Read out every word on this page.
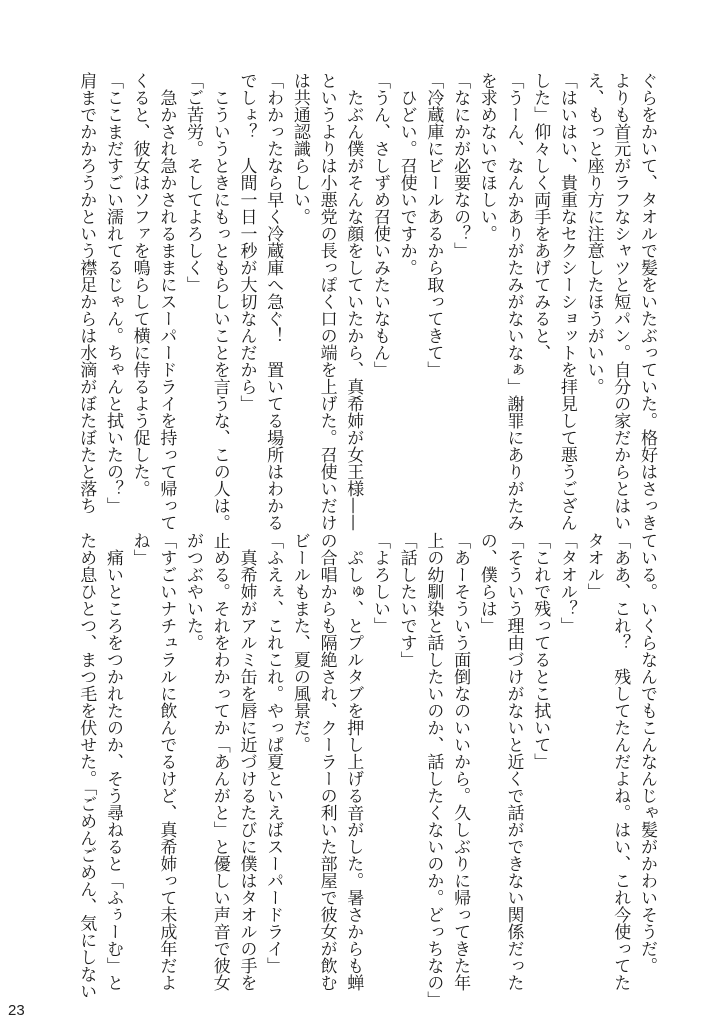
ぐらをかいて、タオルで髪をいたぶっていた。格好はさっき
よりも首元がラフなシャツと短パン。自分の家だからとはい
え、もっと座り方に注意したほうがいい。
「はいはい、貴重なセクシーショットを拝見して悪うござん
した」仰々しく両手をあげてみると、
「うーん、なんかありがたみがないなぁ」謝罪にありがたみ
を求めないでほしい。
「なにかが必要なの？」
「冷蔵庫にビールあるから取ってきて」
　ひどい。召使いですか。
「うん、さしずめ召使いみたいなもん」
　たぶん僕がそんな顔をしていたから、真希姉が女王様——
というよりは小悪党の長っぽく口の端を上げた。召使いだけ
は共通認識らしい。
「わかったなら早く冷蔵庫へ急ぐ！　置いてる場所はわかる
でしょ？　人間一日一秒が大切なんだから」
　こういうときにもっともらしいことを言うな、この人は。
「ご苦労。そしてよろしく」
　急かされ急かされるままにスーパードライを持って帰って
くると、彼女はソファを鳴らして横に侍るよう促した。
「ここまだすごい濡れてるじゃん。ちゃんと拭いたの？」
肩までかかろうかという襟足からは水滴がぼたぼたと落ち
ている。いくらなんでもこんなんじゃ髪がかわいそうだ。
「ああ、これ？　残してたんだよね。はい、これ今使ってた
タオル」
「タオル？」
「これで残ってるとこ拭いて」
「そういう理由づけがないと近くで話ができない関係だった
の、僕らは」
「あーそういう面倒なのいいから。久しぶりに帰ってきた年
上の幼馴染と話したいのか、話したくないのか。どっちなの」
「話したいです」
「よろしい」
　ぷしゅ、とプルタブを押し上げる音がした。暑さからも蝉
の合唱からも隔絶され、クーラーの利いた部屋で彼女が飲む
ビールもまた、夏の風景だ。
「ふえぇ、これこれ。やっぱ夏といえばスーパードライ」
　真希姉がアルミ缶を唇に近づけるたびに僕はタオルの手を
止める。それをわかってか「あんがと」と優しい声音で彼女
がつぶやいた。
「すごいナチュラルに飲んでるけど、真希姉って未成年だよ
ね」
　痛いところをつかれたのか、そう尋ねると「ふぅーむ」と
ため息ひとつ、まつ毛を伏せた。「ごめんごめん、気にしない
23
